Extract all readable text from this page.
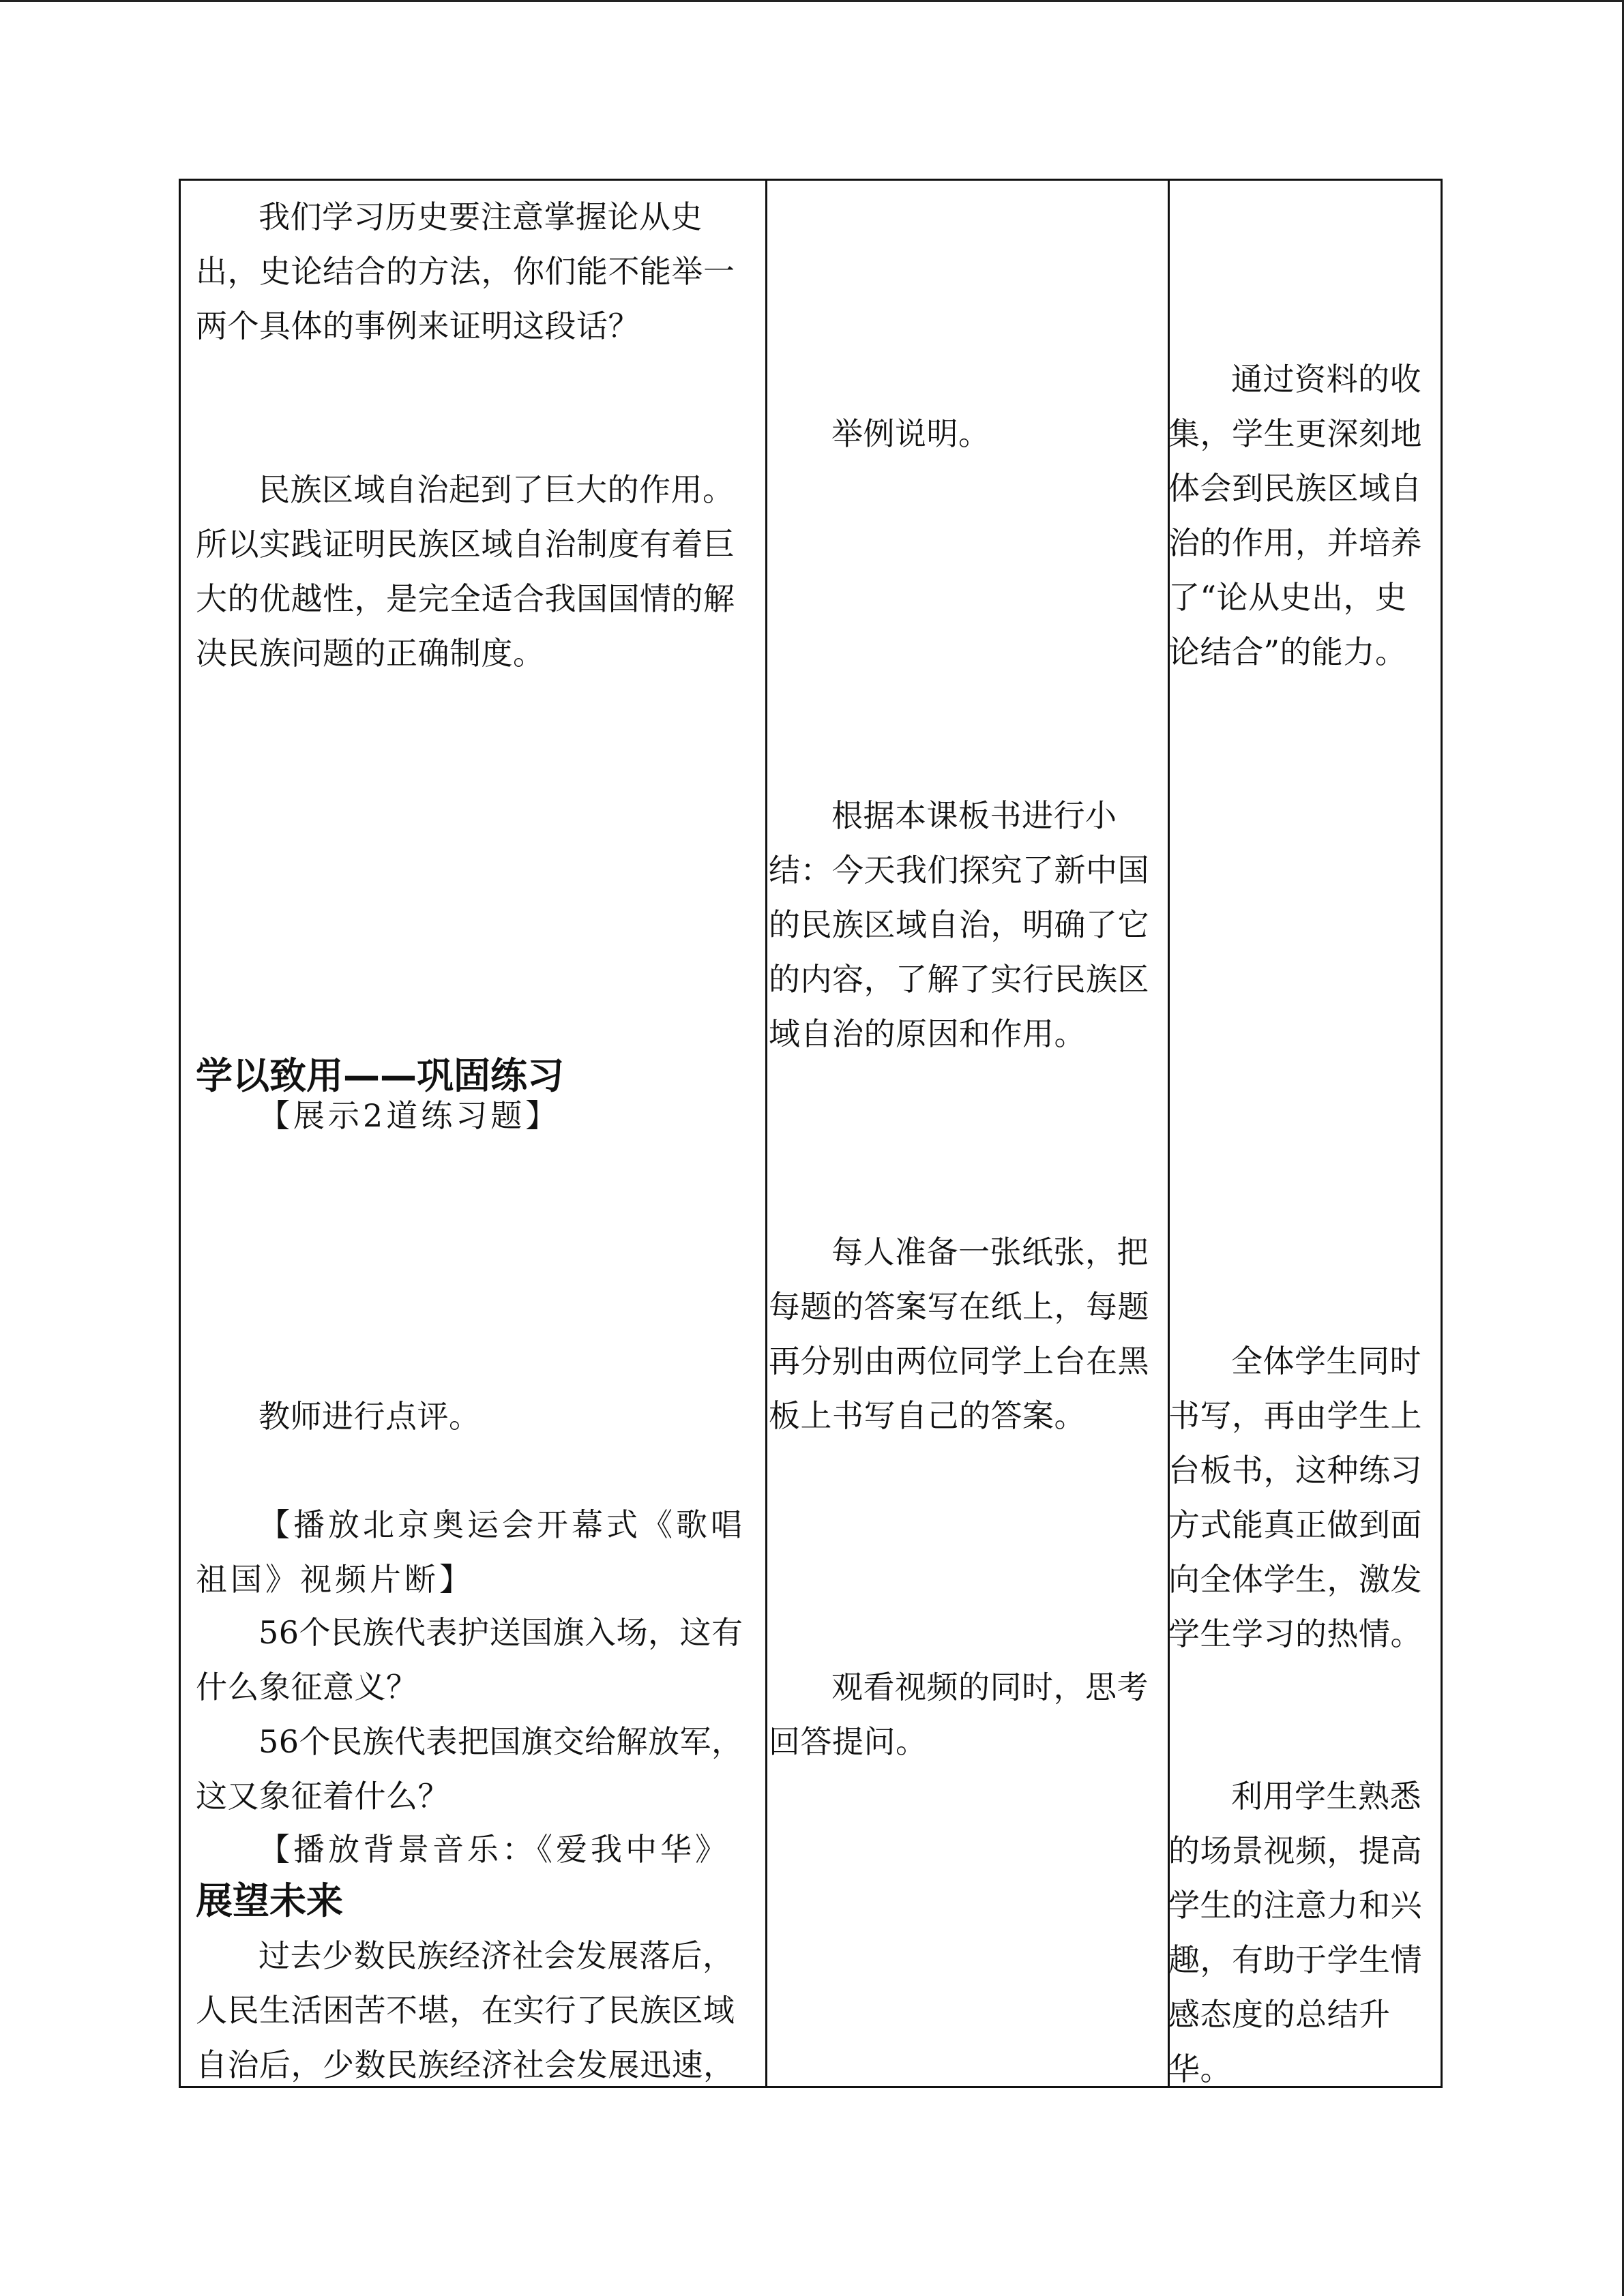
我们学习历史要注意掌握论从史出，史论结合的方法，你们能不能举一两个具体的事例来证明这段话？

民族区域自治起到了巨大的作用。所以实践证明民族区域自治制度有着巨大的优越性，是完全适合我国国情的解决民族问题的正确制度。

学以致用——巩固练习

【展示2道练习题】

教师进行点评。

【播放北京奥运会开幕式《歌唱祖国》视频片断】

56个民族代表护送国旗入场，这有什么象征意义？

56个民族代表把国旗交给解放军，这又象征着什么？

【播放背景音乐：《爱我中华》

展望未来

过去少数民族经济社会发展落后，人民生活困苦不堪，在实行了民族区域自治后，少数民族经济社会发展迅速，

举例说明。

根据本课板书进行小结：今天我们探究了新中国的民族区域自治，明确了它的内容，了解了实行民族区域自治的原因和作用。

每人准备一张纸张，把每题的答案写在纸上，每题再分别由两位同学上台在黑板上书写自己的答案。

观看视频的同时，思考回答提问。

通过资料的收集，学生更深刻地体会到民族区域自治的作用，并培养了“论从史出，史论结合”的能力。

全体学生同时书写，再由学生上台板书，这种练习方式能真正做到面向全体学生，激发学生学习的热情。

利用学生熟悉的场景视频，提高学生的注意力和兴趣，有助于学生情感态度的总结升华。
